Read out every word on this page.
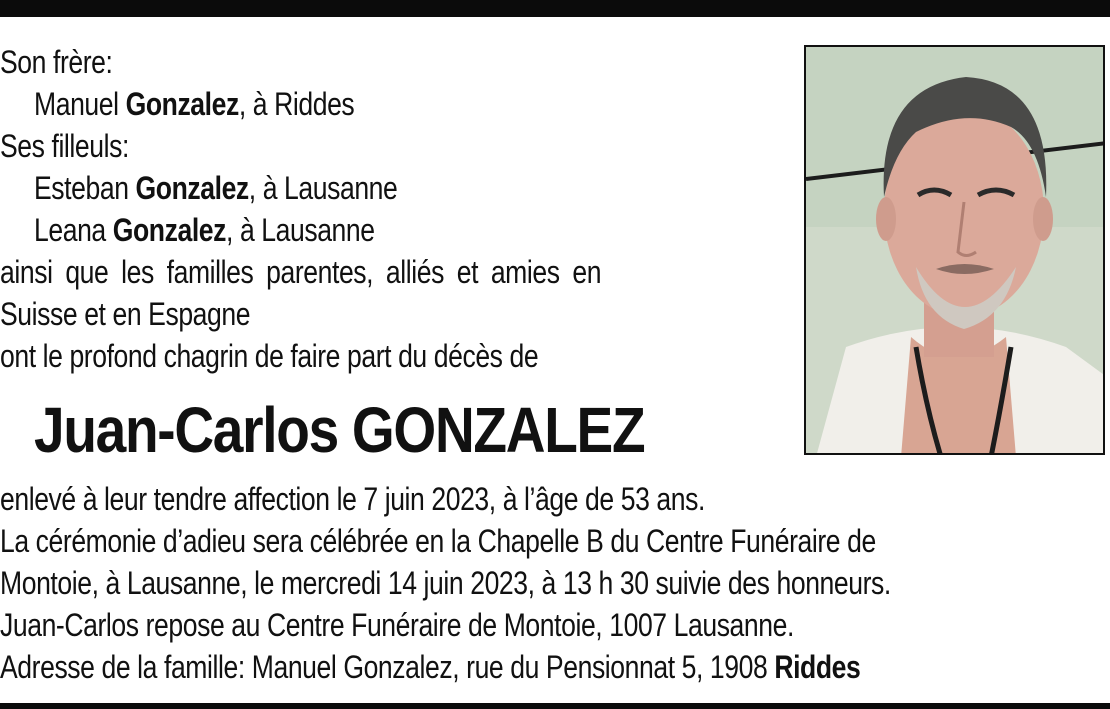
Son frère:
Manuel Gonzalez, à Riddes
Ses filleuls:
Esteban Gonzalez, à Lausanne
Leana Gonzalez, à Lausanne
ainsi que les familles parentes, alliés et amies en
Suisse et en Espagne
ont le profond chagrin de faire part du décès de
Juan-Carlos GONZALEZ
enlevé à leur tendre affection le 7 juin 2023, à l’âge de 53 ans.
La cérémonie d’adieu sera célébrée en la Chapelle B du Centre Funéraire de
Montoie, à Lausanne, le mercredi 14 juin 2023, à 13 h 30 suivie des honneurs.
Juan-Carlos repose au Centre Funéraire de Montoie, 1007 Lausanne.
Adresse de la famille: Manuel Gonzalez, rue du Pensionnat 5, 1908 Riddes
